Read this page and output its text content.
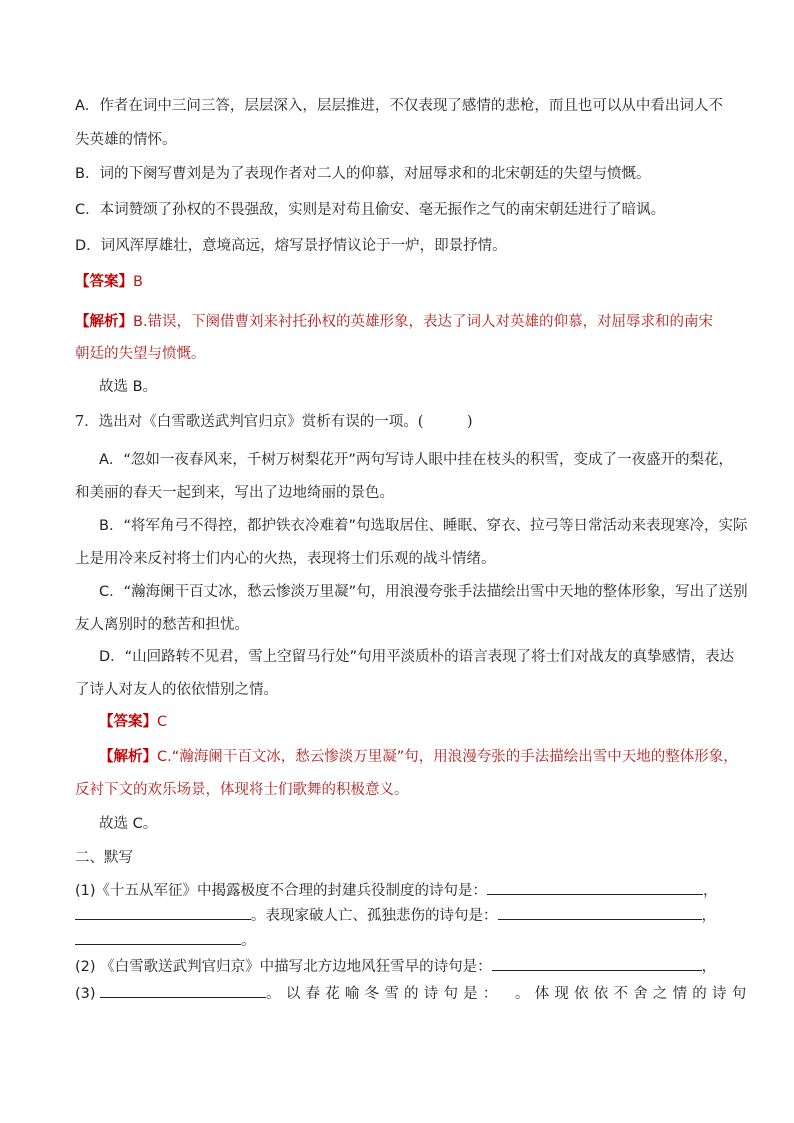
A．作者在词中三问三答，层层深入，层层推进，不仅表现了感情的悲枪，而且也可以从中看出词人不
失英雄的情怀。
B．词的下阕写曹刘是为了表现作者对二人的仰慕，对屈辱求和的北宋朝廷的失望与愤慨。
C．本词赞颂了孙权的不畏强敌，实则是对苟且偷安、毫无振作之气的南宋朝廷进行了暗讽。
D．词风浑厚雄壮，意境高远，熔写景抒情议论于一炉，即景抒情。
【答案】B
【解析】B.错误，下阕借曹刘来衬托孙权的英雄形象，表达了词人对英雄的仰慕，对屈辱求和的南宋
朝廷的失望与愤慨。
故选 B。
7．选出对《白雪歌送武判官归京》赏析有误的一项。(　　　)
A．“忽如一夜春风来，千树万树梨花开”两句写诗人眼中挂在枝头的积雪，变成了一夜盛开的梨花，
和美丽的春天一起到来，写出了边地绮丽的景色。
B．“将军角弓不得控，都护铁衣冷难着”句选取居住、睡眠、穿衣、拉弓等日常活动来表现寒冷，实际
上是用冷来反衬将士们内心的火热，表现将士们乐观的战斗情绪。
C．“瀚海阑干百丈冰，愁云惨淡万里凝”句，用浪漫夸张手法描绘出雪中天地的整体形象，写出了送别
友人离别时的愁苦和担忧。
D．“山回路转不见君，雪上空留马行处”句用平淡质朴的语言表现了将士们对战友的真挚感情，表达
了诗人对友人的依依惜别之情。
【答案】C
【解析】C.“瀚海阑干百文冰，愁云惨淡万里凝”句，用浪漫夸张的手法描绘出雪中天地的整体形象，
反衬下文的欢乐场景，体现将士们歌舞的积极意义。
故选 C。
二、默写
(1)《十五从军征》中揭露极度不合理的封建兵役制度的诗句是：	，
。表现家破人亡、孤独悲伤的诗句是：	，
。
(2) 《白雪歌送武判官归京》中描写北方边地风狂雪早的诗句是：	，
(3)	。以春花喻冬雪的诗句是：　。体现依依不舍之情的诗句
